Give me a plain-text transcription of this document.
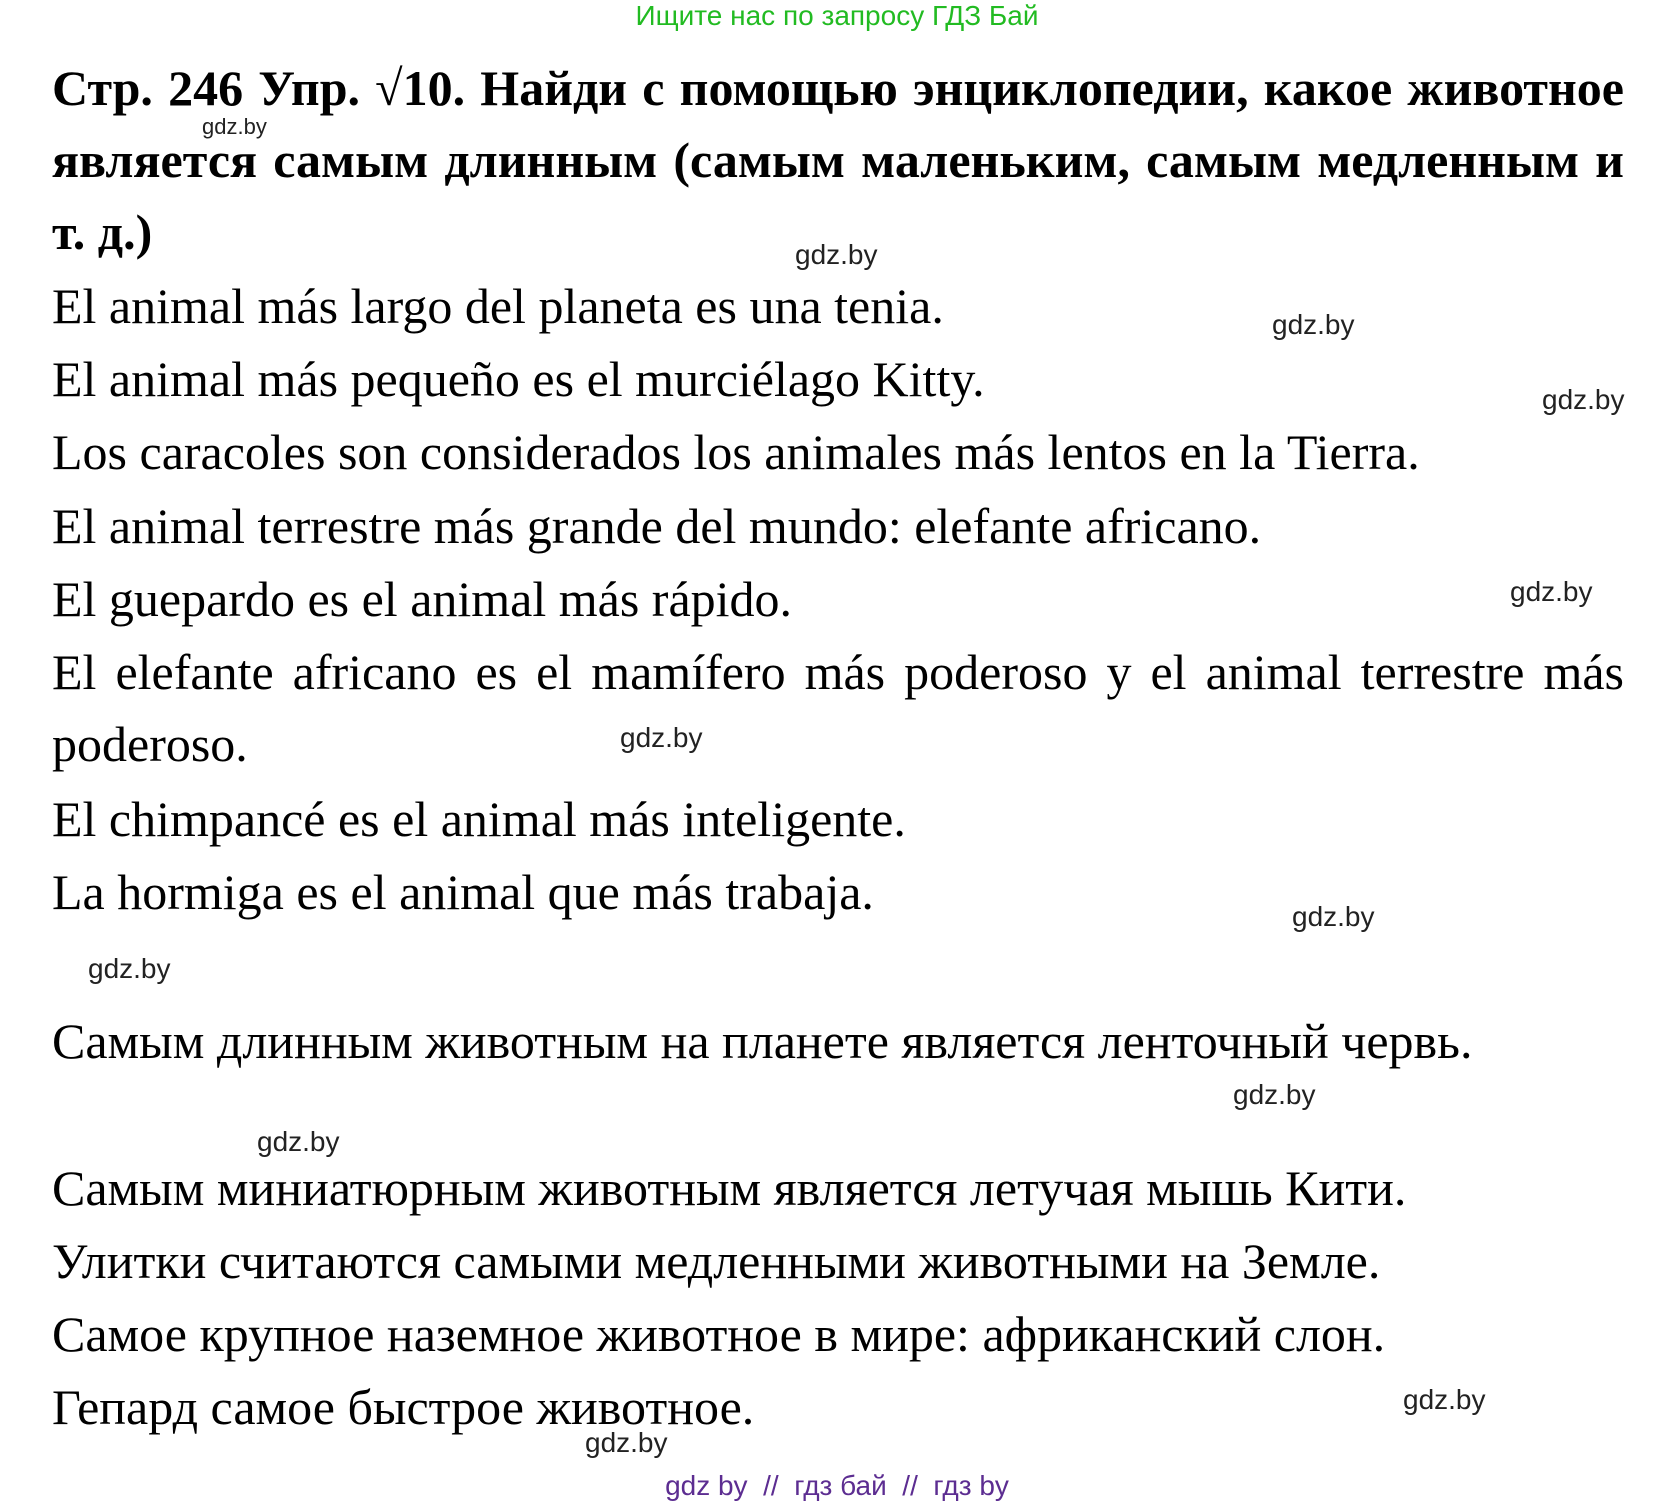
Ищите нас по запросу ГДЗ Бай

Стр. 246 Упр. √10. Найди с помощью энциклопедии, какое животное является самым длинным (самым маленьким, самым медленным и т. д.)

gdz.by
gdz.by

El animal más largo del planeta es una tenia.	gdz.by

El animal más pequeño es el murciélago Kitty.	gdz.by

Los caracoles son considerados los animales más lentos en la Tierra.

El animal terrestre más grande del mundo: elefante africano.

El guepardo es el animal más rápido.	gdz.by

El elefante africano es el mamífero más poderoso y el animal terrestre más poderoso.	gdz.by

El chimpancé es el animal más inteligente.

La hormiga es el animal que más trabaja.	gdz.by
gdz.by

Самым длинным животным на планете является ленточный червь.

gdz.by
gdz.by

Самым миниатюрным животным является летучая мышь Кити.

Улитки считаются самыми медленными животными на Земле.

Самое крупное наземное животное в мире: африканский слон.

Гепард самое быстрое животное.	gdz.by
gdz.by
gdz by  //  гдз бай  //  гдз by
